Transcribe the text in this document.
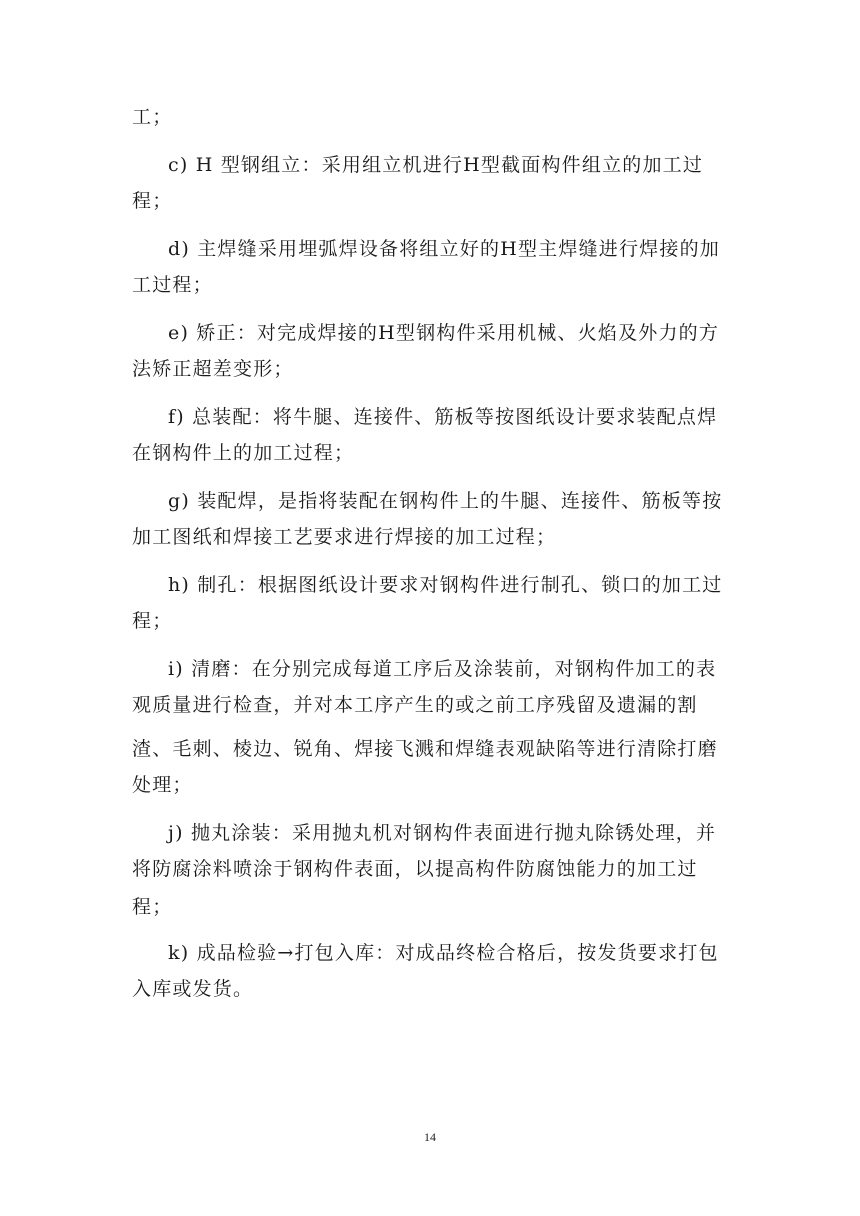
工；
c) H 型钢组立：采用组立机进行H型截面构件组立的加工过
程；
d) 主焊缝采用埋弧焊设备将组立好的H型主焊缝进行焊接的加
工过程；
e) 矫正：对完成焊接的H型钢构件采用机械、火焰及外力的方
法矫正超差变形；
f) 总装配：将牛腿、连接件、筋板等按图纸设计要求装配点焊
在钢构件上的加工过程；
g) 装配焊，是指将装配在钢构件上的牛腿、连接件、筋板等按
加工图纸和焊接工艺要求进行焊接的加工过程；
h) 制孔：根据图纸设计要求对钢构件进行制孔、锁口的加工过
程；
i) 清磨：在分别完成每道工序后及涂装前，对钢构件加工的表
观质量进行检查，并对本工序产生的或之前工序残留及遗漏的割
渣、毛刺、棱边、锐角、焊接飞溅和焊缝表观缺陷等进行清除打磨
处理；
j) 抛丸涂装：采用抛丸机对钢构件表面进行抛丸除锈处理，并
将防腐涂料喷涂于钢构件表面，以提高构件防腐蚀能力的加工过
程；
k) 成品检验→打包入库：对成品终检合格后，按发货要求打包
入库或发货。
14
